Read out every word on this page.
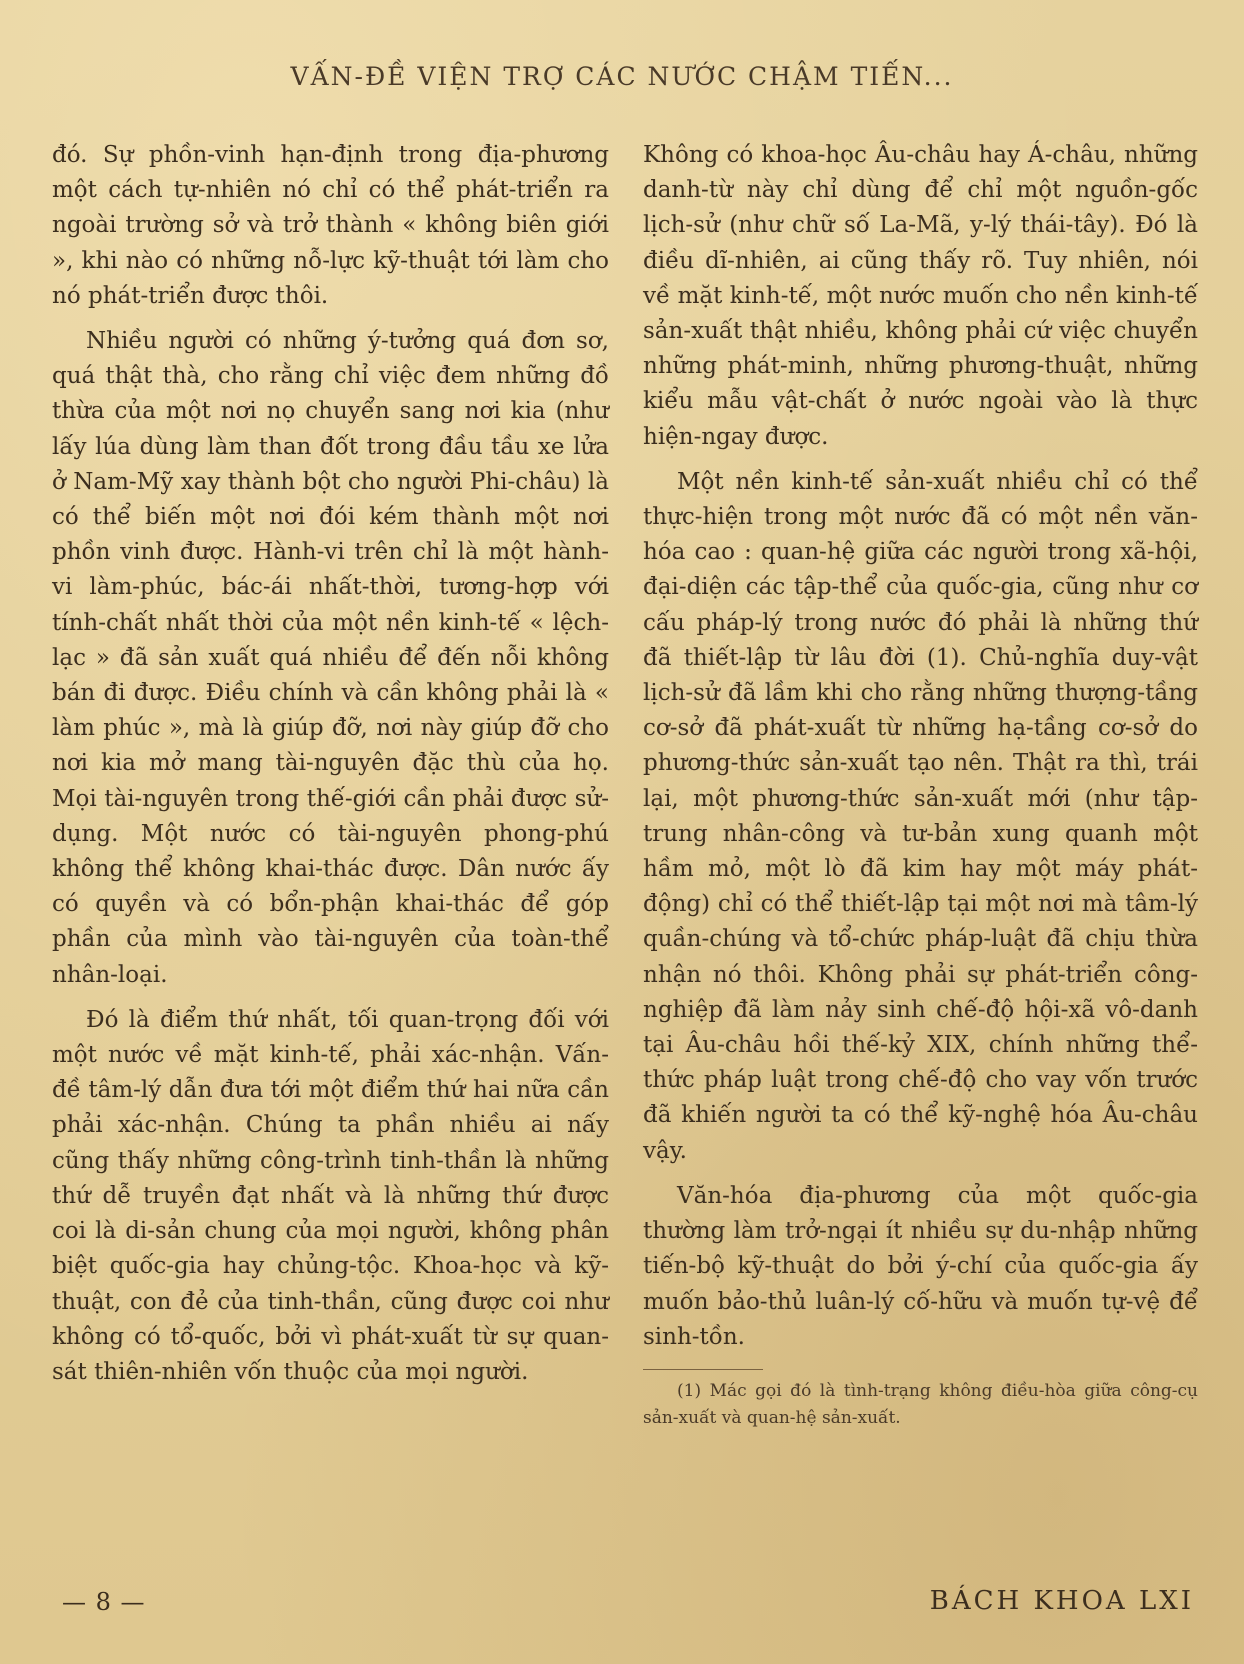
VẤN-ĐỀ VIỆN TRỢ CÁC NƯỚC CHẬM TIẾN...

đó. Sự phồn-vinh hạn-định trong địa-phương một cách tự-nhiên nó chỉ có thể phát-triển ra ngoài trường sở và trở thành « không biên giới », khi nào có những nỗ-lực kỹ-thuật tới làm cho nó phát-triển được thôi.

Nhiều người có những ý-tưởng quá đơn sơ, quá thật thà, cho rằng chỉ việc đem những đồ thừa của một nơi nọ chuyển sang nơi kia (như lấy lúa dùng làm than đốt trong đầu tầu xe lửa ở Nam-Mỹ xay thành bột cho người Phi-châu) là có thể biến một nơi đói kém thành một nơi phồn vinh được. Hành-vi trên chỉ là một hành-vi làm-phúc, bác-ái nhất-thời, tương-hợp với tính-chất nhất thời của một nền kinh-tế « lệch-lạc » đã sản xuất quá nhiều để đến nỗi không bán đi được. Điều chính và cần không phải là « làm phúc », mà là giúp đỡ, nơi này giúp đỡ cho nơi kia mở mang tài-nguyên đặc thù của họ. Mọi tài-nguyên trong thế-giới cần phải được sử-dụng. Một nước có tài-nguyên phong-phú không thể không khai-thác được. Dân nước ấy có quyền và có bổn-phận khai-thác để góp phần của mình vào tài-nguyên của toàn-thể nhân-loại.

Đó là điểm thứ nhất, tối quan-trọng đối với một nước về mặt kinh-tế, phải xác-nhận. Vấn-đề tâm-lý dẫn đưa tới một điểm thứ hai nữa cần phải xác-nhận. Chúng ta phần nhiều ai nấy cũng thấy những công-trình tinh-thần là những thứ dễ truyền đạt nhất và là những thứ được coi là di-sản chung của mọi người, không phân biệt quốc-gia hay chủng-tộc. Khoa-học và kỹ-thuật, con đẻ của tinh-thần, cũng được coi như không có tổ-quốc, bởi vì phát-xuất từ sự quan-sát thiên-nhiên vốn thuộc của mọi người.

Không có khoa-học Âu-châu hay Á-châu, những danh-từ này chỉ dùng để chỉ một nguồn-gốc lịch-sử (như chữ số La-Mã, y-lý thái-tây). Đó là điều dĩ-nhiên, ai cũng thấy rõ. Tuy nhiên, nói về mặt kinh-tế, một nước muốn cho nền kinh-tế sản-xuất thật nhiều, không phải cứ việc chuyển những phát-minh, những phương-thuật, những kiểu mẫu vật-chất ở nước ngoài vào là thực hiện-ngay được.

Một nền kinh-tế sản-xuất nhiều chỉ có thể thực-hiện trong một nước đã có một nền văn-hóa cao : quan-hệ giữa các người trong xã-hội, đại-diện các tập-thể của quốc-gia, cũng như cơ cấu pháp-lý trong nước đó phải là những thứ đã thiết-lập từ lâu đời (1). Chủ-nghĩa duy-vật lịch-sử đã lầm khi cho rằng những thượng-tầng cơ-sở đã phát-xuất từ những hạ-tầng cơ-sở do phương-thức sản-xuất tạo nên. Thật ra thì, trái lại, một phương-thức sản-xuất mới (như tập-trung nhân-công và tư-bản xung quanh một hầm mỏ, một lò đã kim hay một máy phát-động) chỉ có thể thiết-lập tại một nơi mà tâm-lý quần-chúng và tổ-chức pháp-luật đã chịu thừa nhận nó thôi. Không phải sự phát-triển công-nghiệp đã làm nảy sinh chế-độ hội-xã vô-danh tại Âu-châu hồi thế-kỷ XIX, chính những thể-thức pháp luật trong chế-độ cho vay vốn trước đã khiến người ta có thể kỹ-nghệ hóa Âu-châu vậy.

Văn-hóa địa-phương của một quốc-gia thường làm trở-ngại ít nhiều sự du-nhập những tiến-bộ kỹ-thuật do bởi ý-chí của quốc-gia ấy muốn bảo-thủ luân-lý cố-hữu và muốn tự-vệ để sinh-tồn.

(1) Mác gọi đó là tình-trạng không điều-hòa giữa công-cụ sản-xuất và quan-hệ sản-xuất.

— 8 —	BÁCH KHOA LXI
